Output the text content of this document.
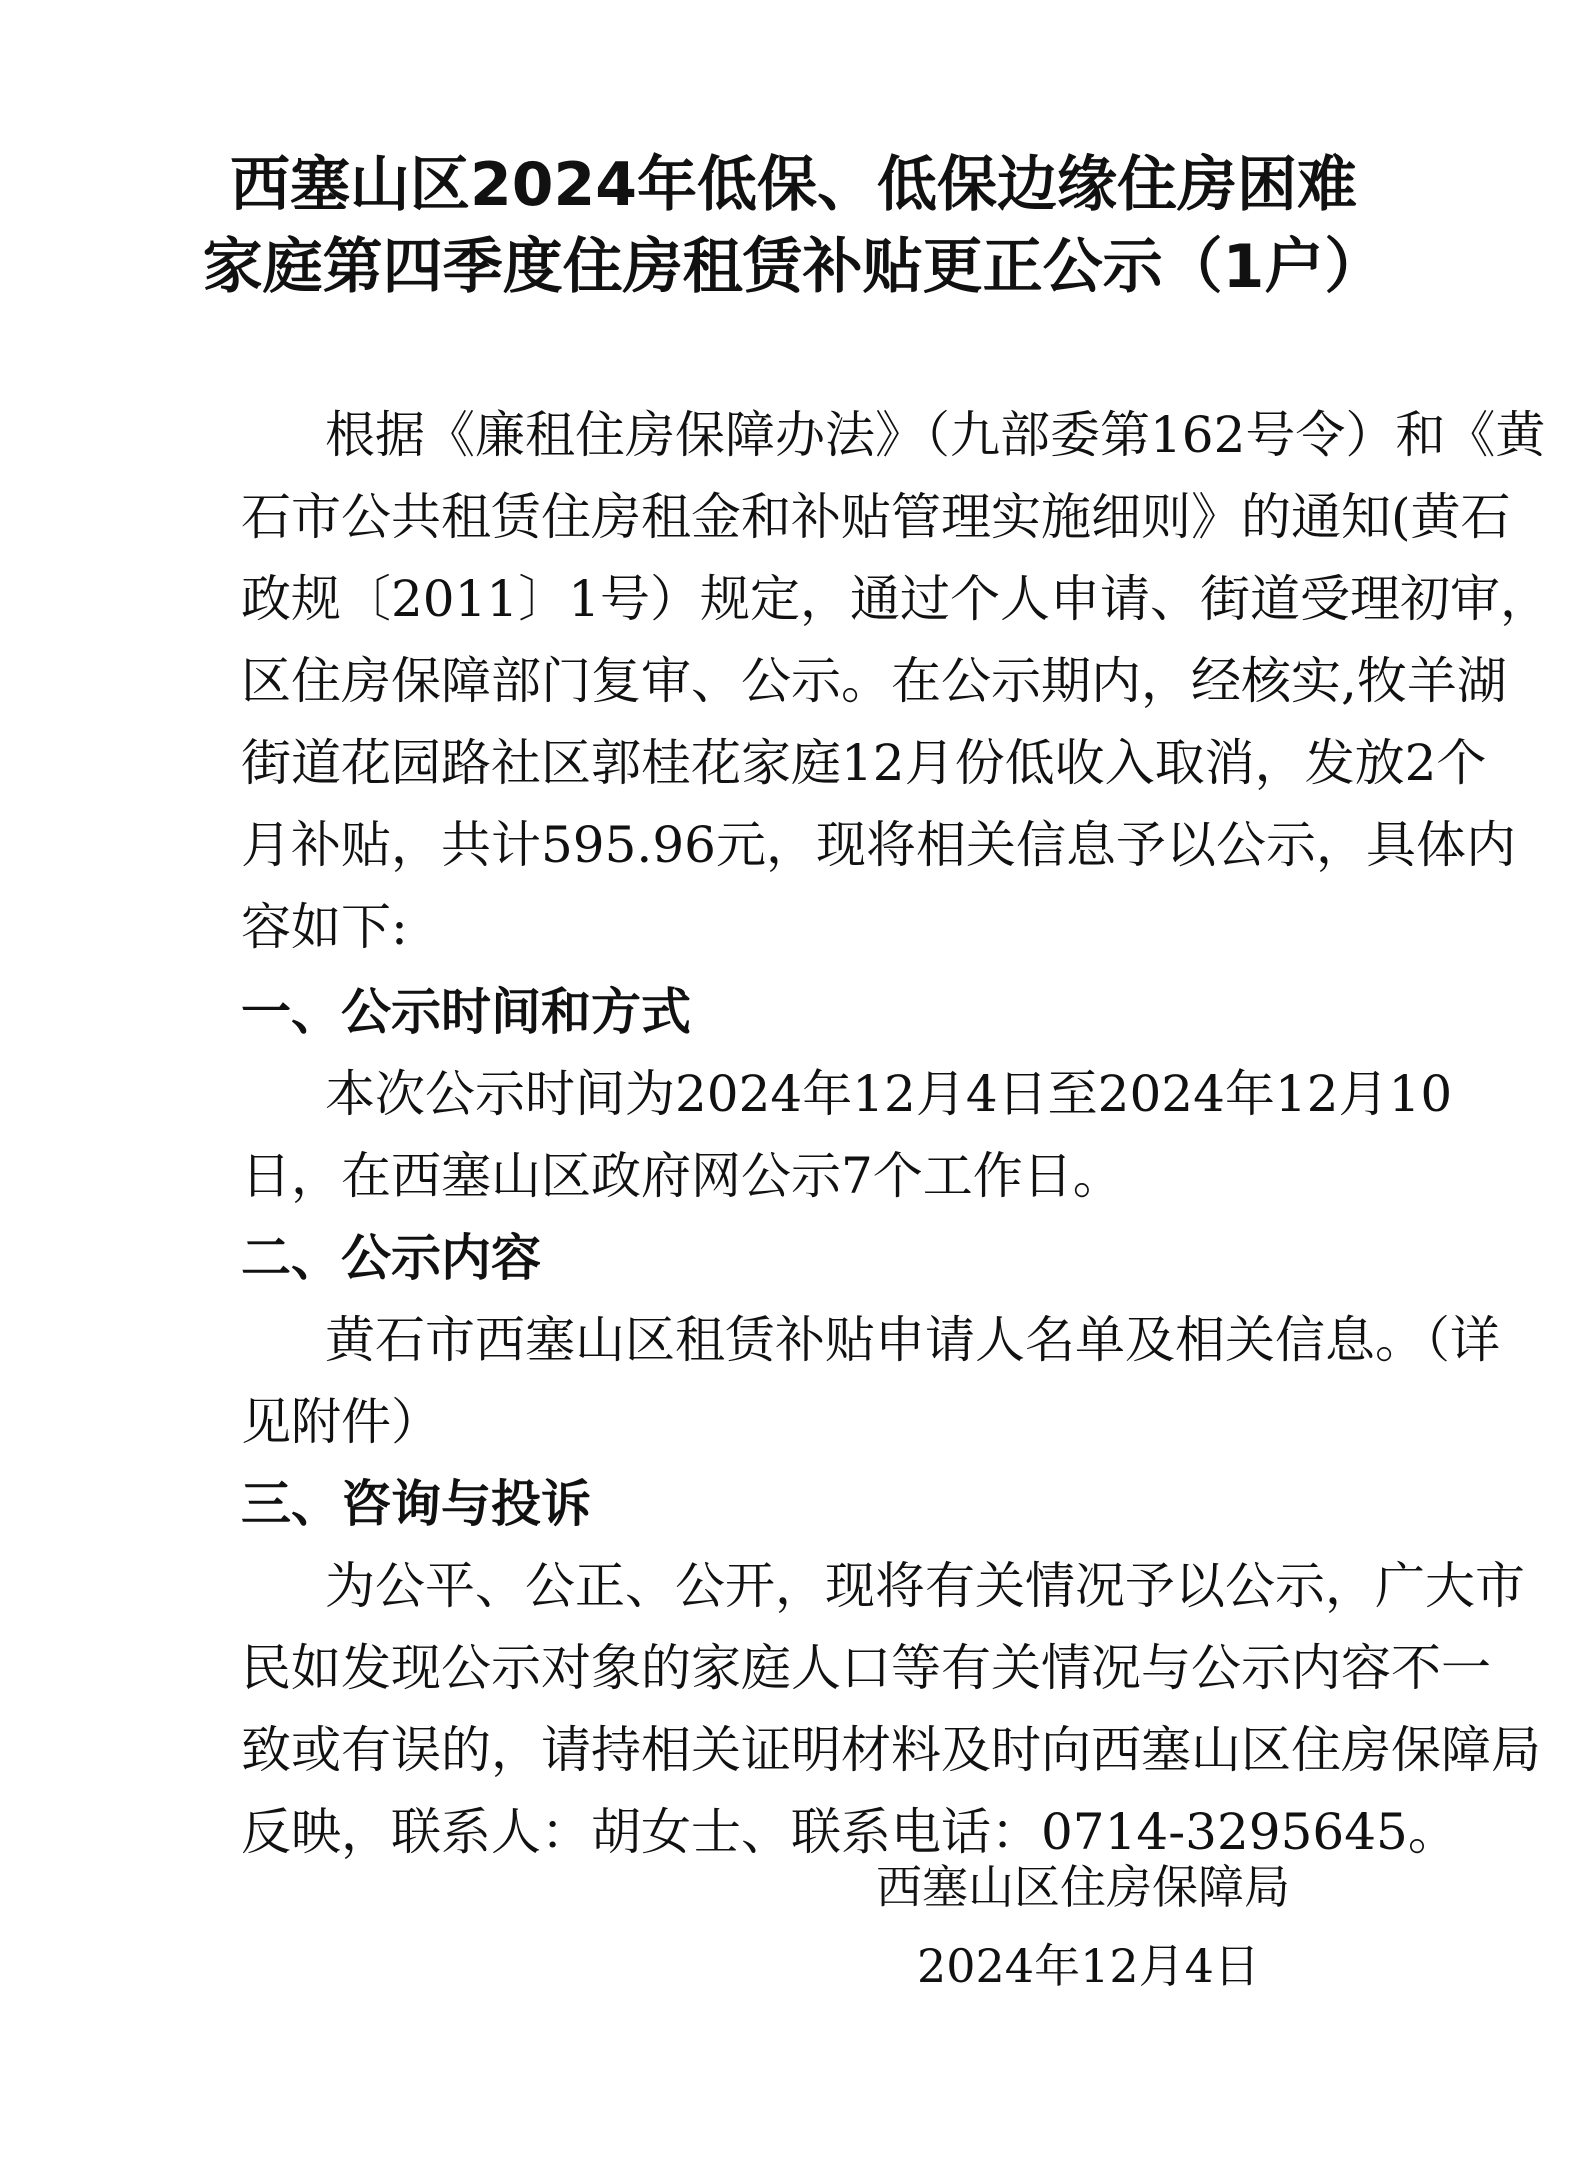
西塞山区2024年低保、低保边缘住房困难
家庭第四季度住房租赁补贴更正公示（1户）
根据《廉租住房保障办法》（九部委第162号令）和《黄
石市公共租赁住房租金和补贴管理实施细则》的通知(黄石
政规〔2011〕1号）规定，通过个人申请、街道受理初审，
区住房保障部门复审、公示。在公示期内，经核实,牧羊湖
街道花园路社区郭桂花家庭12月份低收入取消，发放2个
月补贴，共计595.96元，现将相关信息予以公示，具体内
容如下:
一、公示时间和方式
本次公示时间为2024年12月4日至2024年12月10
日，在西塞山区政府网公示7个工作日。
二、公示内容
黄石市西塞山区租赁补贴申请人名单及相关信息。（详
见附件）
三、咨询与投诉
为公平、公正、公开，现将有关情况予以公示，广大市
民如发现公示对象的家庭人口等有关情况与公示内容不一
致或有误的，请持相关证明材料及时向西塞山区住房保障局
反映，联系人：胡女士、联系电话：0714-3295645。
西塞山区住房保障局
2024年12月4日
